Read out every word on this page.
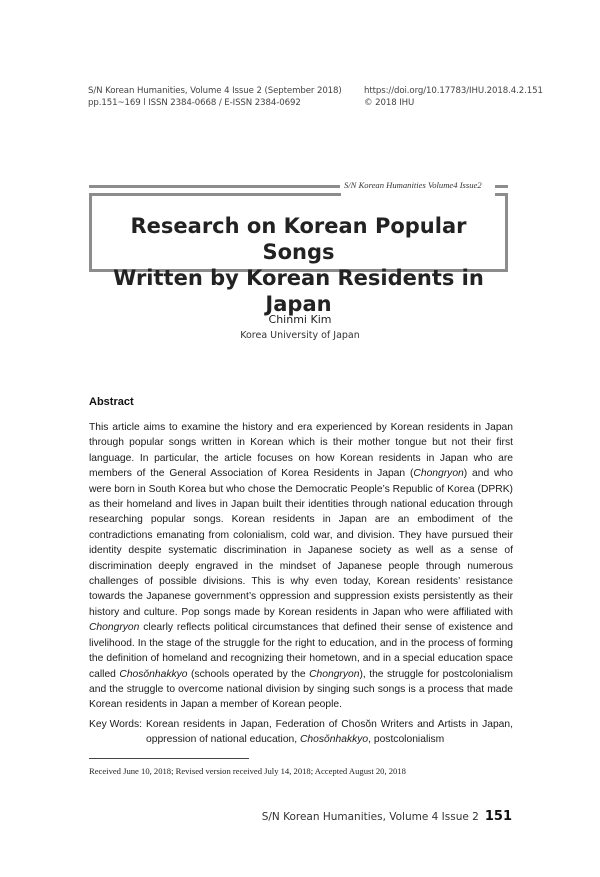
S/N Korean Humanities, Volume 4 Issue 2 (September 2018)
pp.151~169 l ISSN 2384-0668 / E-ISSN 2384-0692
https://doi.org/10.17783/IHU.2018.4.2.151
© 2018 IHU
S/N Korean Humanities Volume4 Issue2
Research on Korean Popular Songs
Written by Korean Residents in Japan
Chinmi Kim
Korea University of Japan
Abstract
This article aims to examine the history and era experienced by Korean residents in Japan through popular songs written in Korean which is their mother tongue but not their first language. In particular, the article focuses on how Korean residents in Japan who are members of the General Association of Korea Residents in Japan (Chongryon) and who were born in South Korea but who chose the Democratic People’s Republic of Korea (DPRK) as their homeland and lives in Japan built their identities through national education through researching popular songs. Korean residents in Japan are an embodiment of the contradictions emanating from colonialism, cold war, and division. They have pursued their identity despite systematic discrimination in Japanese society as well as a sense of discrimination deeply engraved in the mindset of Japanese people through numerous challenges of possible divisions. This is why even today, Korean residents’ resistance towards the Japanese government’s oppression and suppression exists persistently as their history and culture. Pop songs made by Korean residents in Japan who were affiliated with Chongryon clearly reflects political circumstances that defined their sense of existence and livelihood. In the stage of the struggle for the right to education, and in the process of forming the definition of homeland and recognizing their hometown, and in a special education space called Chosŏnhakkyo (schools operated by the Chongryon), the struggle for postcolonialism and the struggle to overcome national division by singing such songs is a process that made Korean residents in Japan a member of Korean people.
Key Words: Korean residents in Japan, Federation of Chosŏn Writers and Artists in Japan, oppression of national education, Chosŏnhakkyo, postcolonialism
Received June 10, 2018; Revised version received July 14, 2018; Accepted August 20, 2018
S/N Korean Humanities, Volume 4 Issue 2 151
